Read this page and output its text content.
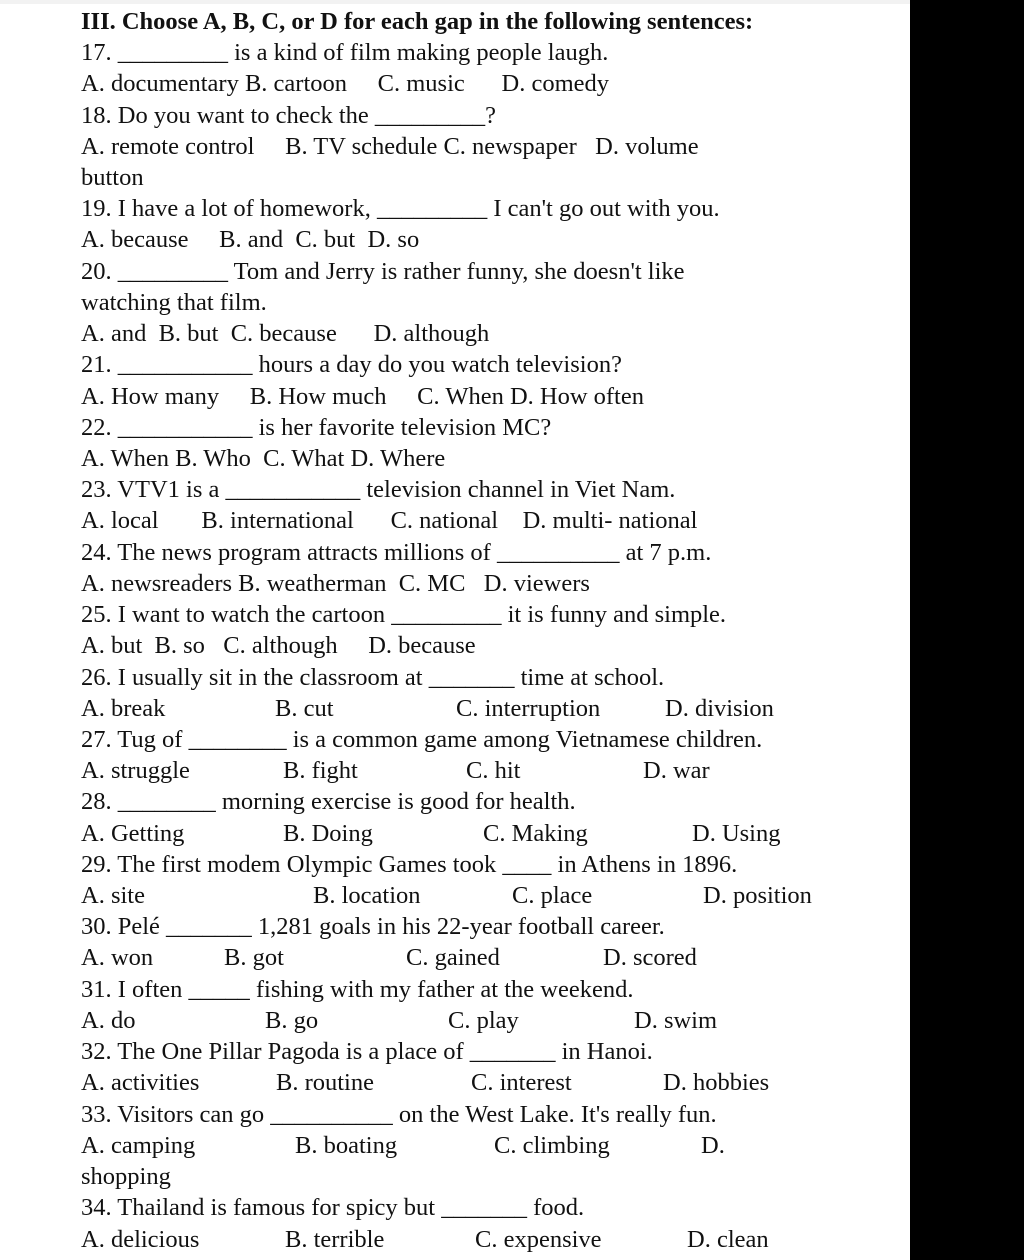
III. Choose A, B, C, or D for each gap in the following sentences:
17. _________ is a kind of film making people laugh.
A. documentary B. cartoon     C. music      D. comedy
18. Do you want to check the _________?
A. remote control     B. TV schedule C. newspaper   D. volume
button
19. I have a lot of homework, _________ I can't go out with you.
A. because     B. and  C. but  D. so
20. _________ Tom and Jerry is rather funny, she doesn't like
watching that film.
A. and  B. but  C. because      D. although
21. ___________ hours a day do you watch television?
A. How many     B. How much     C. When D. How often
22. ___________ is her favorite television MC?
A. When B. Who  C. What D. Where
23. VTV1 is a ___________ television channel in Viet Nam.
A. local       B. international      C. national    D. multi- national
24. The news program attracts millions of __________ at 7 p.m.
A. newsreaders B. weatherman  C. MC   D. viewers
25. I want to watch the cartoon _________ it is funny and simple.
A. but  B. so   C. although     D. because
26. I usually sit in the classroom at _______ time at school.

A. break

	B. cut

	C. interruption

	D. division

27. Tug of ________ is a common game among Vietnamese children.

A. struggle

	B. fight

	C. hit

	D. war

28. ________ morning exercise is good for health.

A. Getting

	B. Doing

	C. Making

	D. Using

29. The first modem Olympic Games took ____ in Athens in 1896.

A. site

	B. location

	C. place

	D. position

30. Pelé _______ 1,281 goals in his 22-year football career.

A. won

	B. got

	C. gained

	D. scored

31. I often _____ fishing with my father at the weekend.

A. do

	B. go

	C. play

	D. swim

32. The One Pillar Pagoda is a place of _______ in Hanoi.

A. activities

	B. routine

	C. interest

	D. hobbies

33. Visitors can go __________ on the West Lake. It's really fun.

A. camping

	B. boating

	C. climbing

	D.

shopping
34. Thailand is famous for spicy but _______ food.

A. delicious

	B. terrible

	C. expensive

	D. clean
